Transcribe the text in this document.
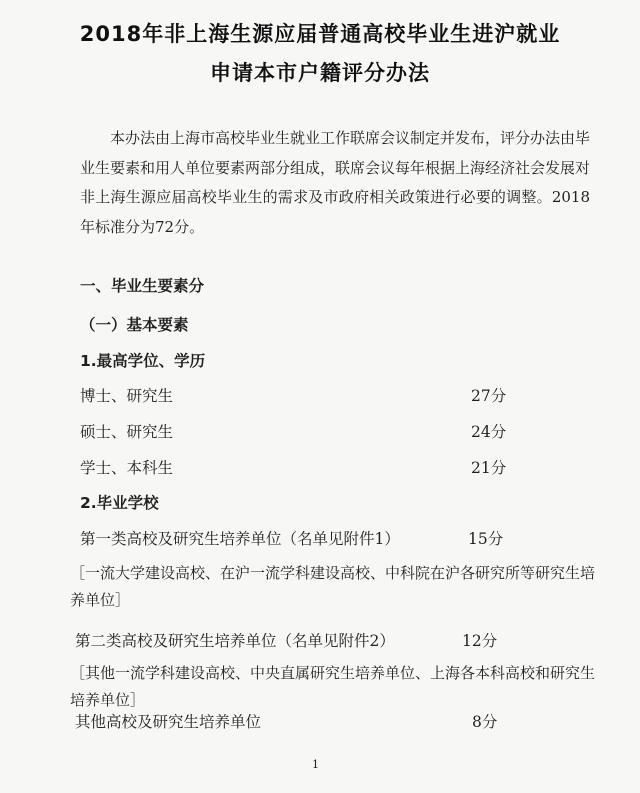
2018年非上海生源应届普通高校毕业生进沪就业
申请本市户籍评分办法
本办法由上海市高校毕业生就业工作联席会议制定并发布，评分办法由毕业生要素和用人单位要素两部分组成，联席会议每年根据上海经济社会发展对非上海生源应届高校毕业生的需求及市政府相关政策进行必要的调整。2018年标准分为72分。
一、毕业生要素分
（一）基本要素
1.最高学位、学历
博士、研究生	27分
硕士、研究生	24分
学士、本科生	21分
2.毕业学校
第一类高校及研究生培养单位（名单见附件1）	15分
［一流大学建设高校、在沪一流学科建设高校、中科院在沪各研究所等研究生培养单位］
第二类高校及研究生培养单位（名单见附件2）	12分
［其他一流学科建设高校、中央直属研究生培养单位、上海各本科高校和研究生培养单位］
其他高校及研究生培养单位	8分
1
